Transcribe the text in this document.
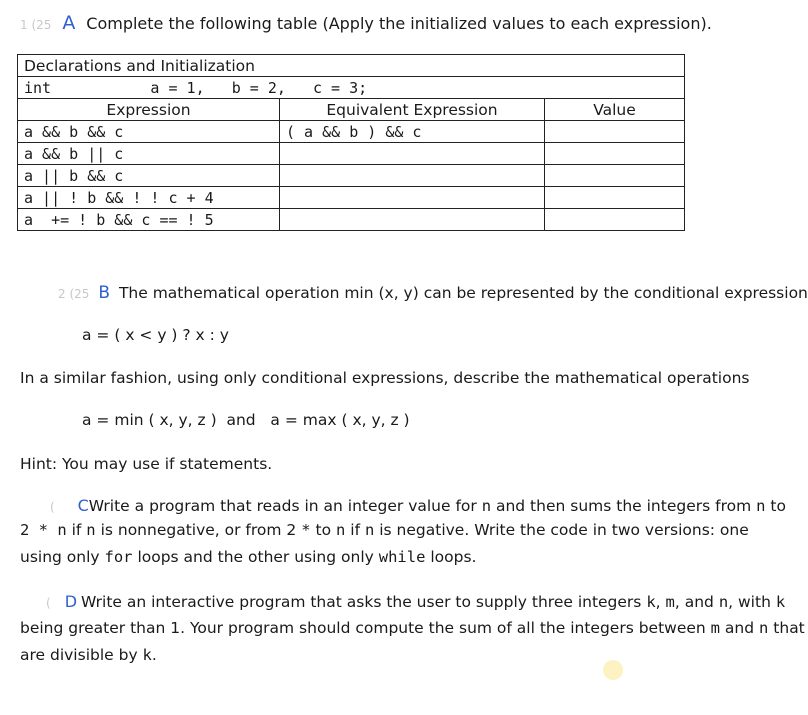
1 (25 A Complete the following table (Apply the initialized values to each expression).
Declarations and Initialization		
int           a = 1,   b = 2,   c = 3;		
Expression	Equivalent Expression	Value
a && b && c	( a && b ) && c	
a && b || c		
a || b && c		
a || ! b && ! ! c + 4		
a  += ! b && c == ! 5		
2 (25 B The mathematical operation min (x, y) can be represented by the conditional expression
a = ( x < y ) ? x : y
In a similar fashion, using only conditional expressions, describe the mathematical operations
a = min ( x, y, z )  and   a = max ( x, y, z )
Hint: You may use if statements.
( CWrite a program that reads in an integer value for n and then sums the integers from n to
2 * n if n is nonnegative, or from 2 * to n if n is negative. Write the code in two versions: one
using only for loops and the other using only while loops.
( D Write an interactive program that asks the user to supply three integers k, m, and n, with k
being greater than 1. Your program should compute the sum of all the integers between m and n that
are divisible by k.
